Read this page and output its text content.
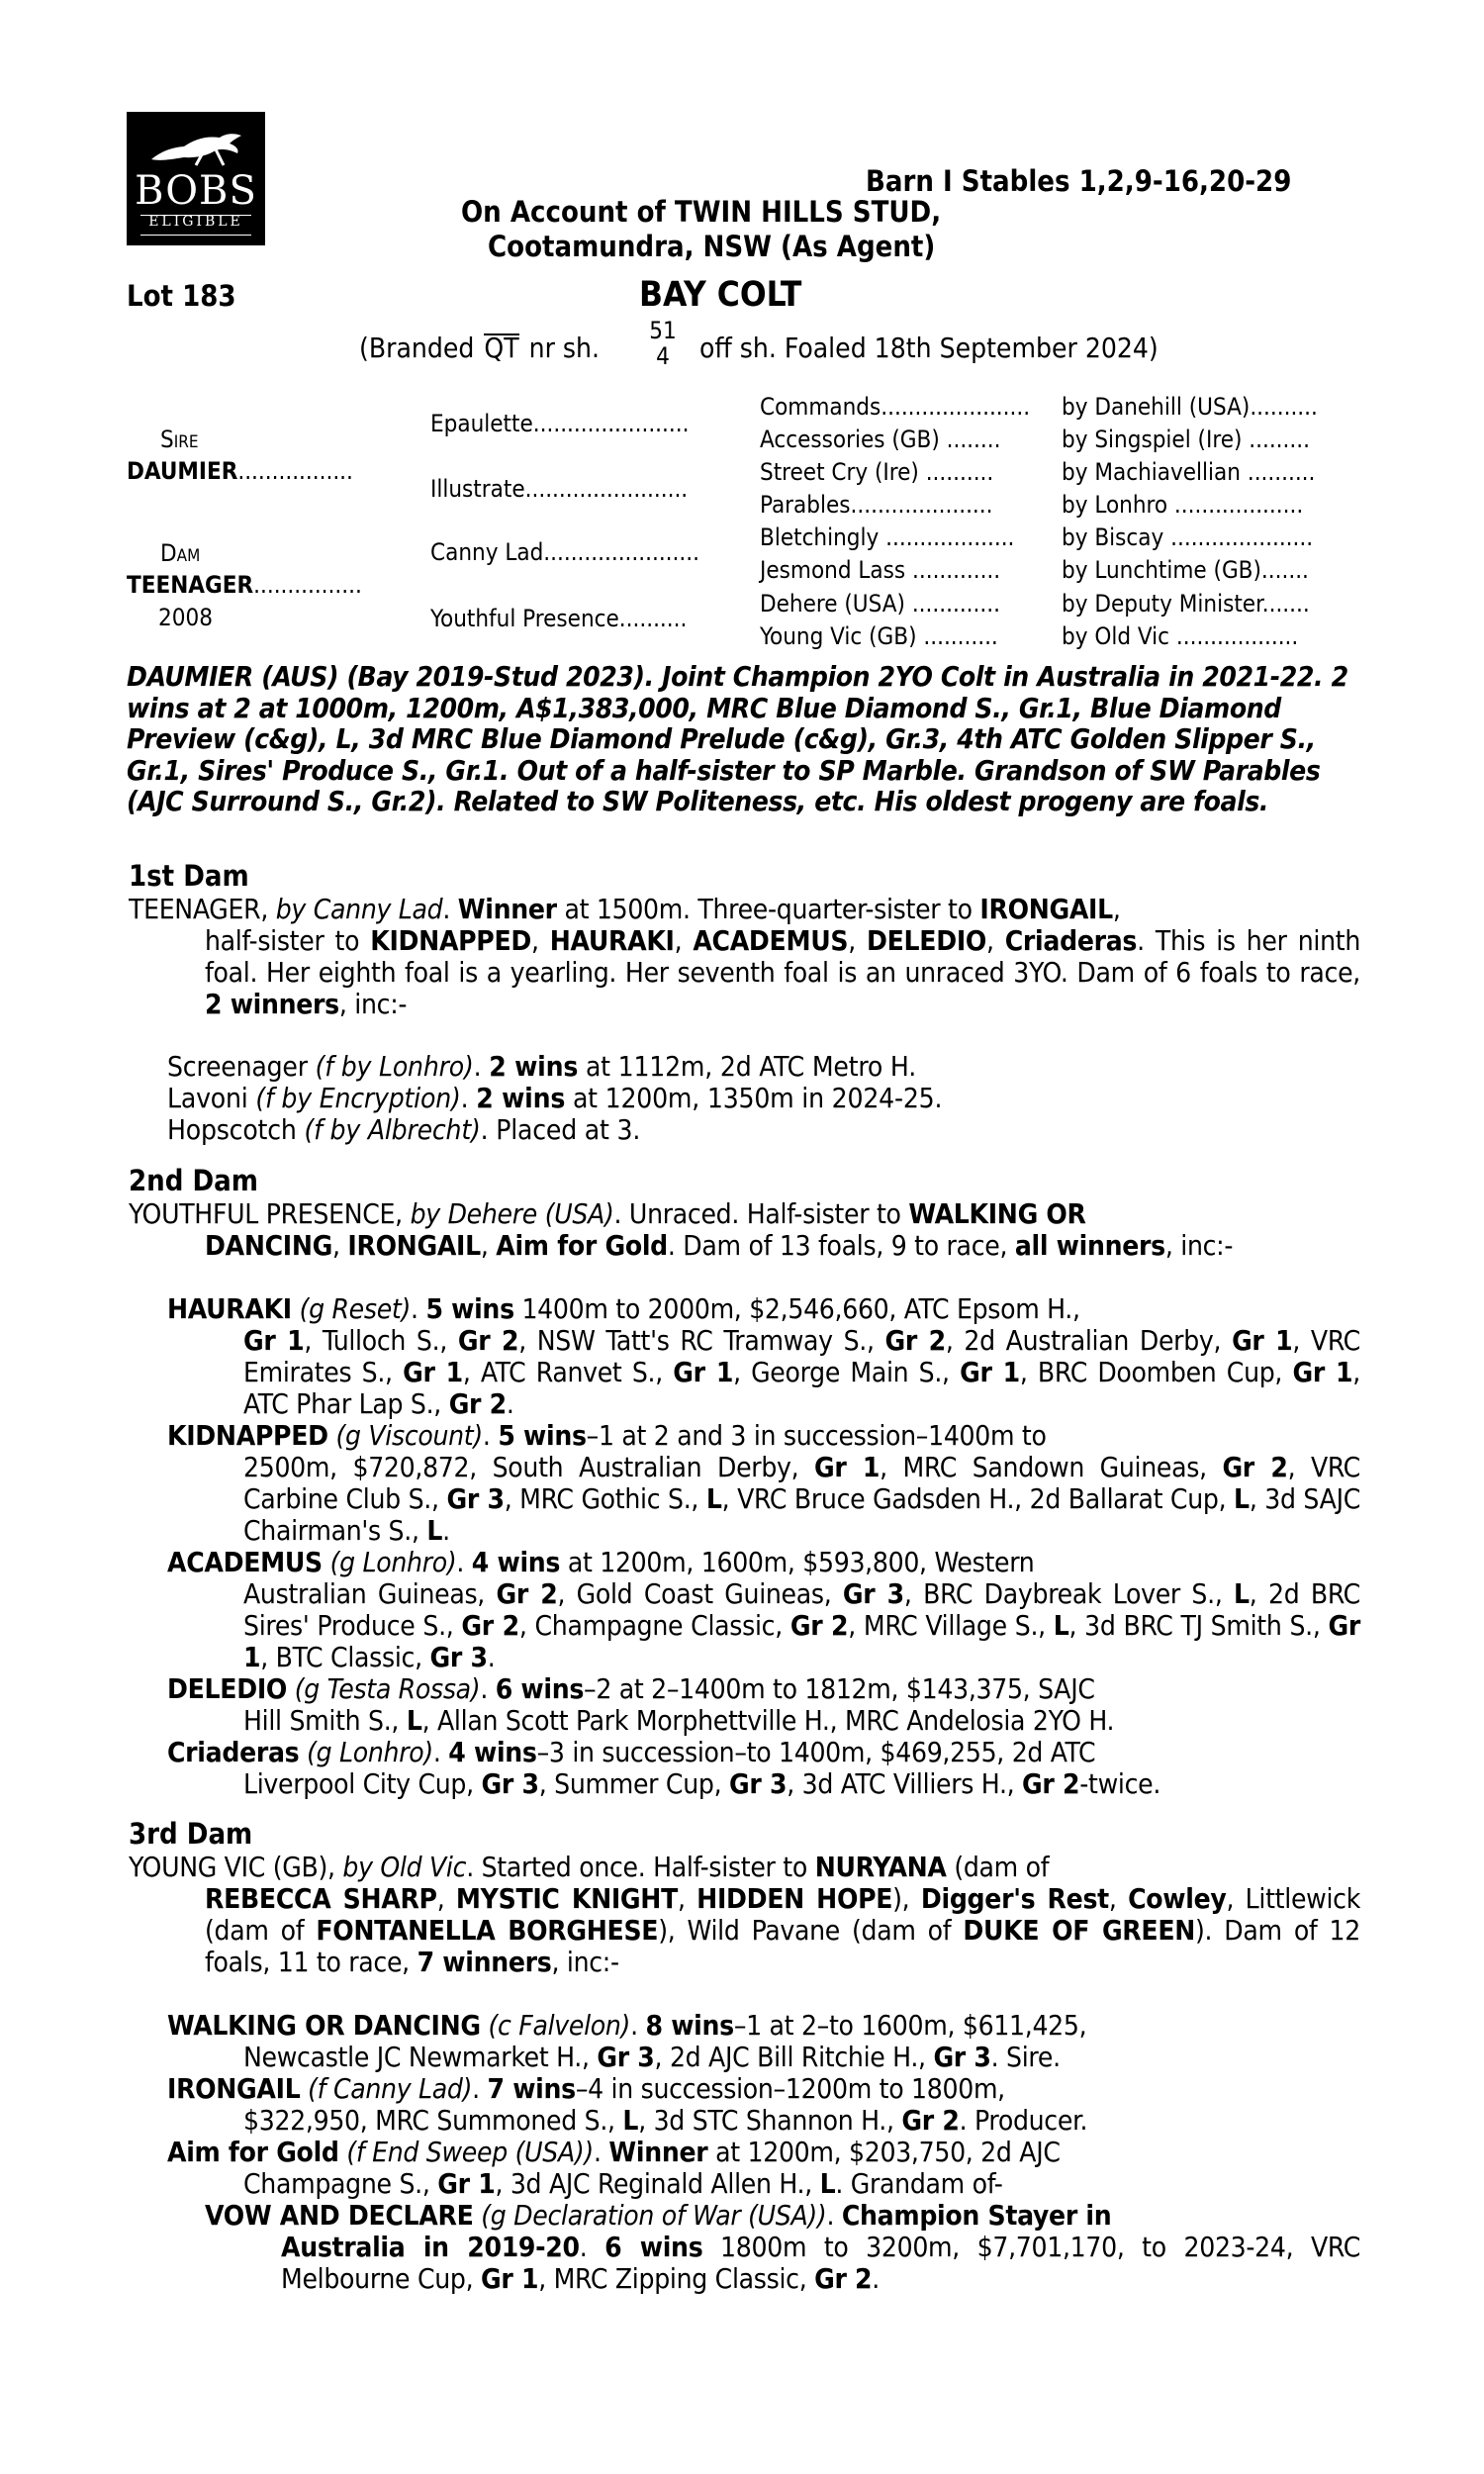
BOBS
ELIGIBLE
Barn I Stables 1,2,9-16,20-29
On Account of TWIN HILLS STUD,
Cootamundra, NSW (As Agent)
Lot 183	BAY COLT
(Branded QT nr sh.
51
4 off sh. Foaled 18th September 2024)
Sire
DAUMIER.................
Dam
TEENAGER................
2008
Epaulette.......................
Illustrate........................
Canny Lad.......................
Youthful Presence..........
Commands......................
Accessories (GB) ........
Street Cry (Ire) ..........
Parables.....................
Bletchingly ...................
Jesmond Lass .............
Dehere (USA) .............
Young Vic (GB) ...........
by Danehill (USA)..........
by Singspiel (Ire) .........
by Machiavellian ..........
by Lonhro ...................
by Biscay .....................
by Lunchtime (GB).......
by Deputy Minister.......
by Old Vic ..................
DAUMIER (AUS) (Bay 2019-Stud 2023). Joint Champion 2YO Colt in Australia in 2021-22. 2 wins at 2 at 1000m, 1200m, A$1,383,000, MRC Blue Diamond S., Gr.1, Blue Diamond Preview (c&g), L, 3d MRC Blue Diamond Prelude (c&g), Gr.3, 4th ATC Golden Slipper S., Gr.1, Sires' Produce S., Gr.1. Out of a half-sister to SP Marble. Grandson of SW Parables (AJC Surround S., Gr.2). Related to SW Politeness, etc. His oldest progeny are foals.
1st Dam
TEENAGER, by Canny Lad. Winner at 1500m. Three-quarter-sister to IRONGAIL,
half-sister to KIDNAPPED, HAURAKI, ACADEMUS, DELEDIO, Criaderas. This is her ninth foal. Her eighth foal is a yearling. Her seventh foal is an unraced 3YO. Dam of 6 foals to race, 2 winners, inc:-
Screenager (f by Lonhro). 2 wins at 1112m, 2d ATC Metro H.
Lavoni (f by Encryption). 2 wins at 1200m, 1350m in 2024-25.
Hopscotch (f by Albrecht). Placed at 3.
2nd Dam
YOUTHFUL PRESENCE, by Dehere (USA). Unraced. Half-sister to WALKING OR
DANCING, IRONGAIL, Aim for Gold. Dam of 13 foals, 9 to race, all winners, inc:-
HAURAKI (g Reset). 5 wins 1400m to 2000m, $2,546,660, ATC Epsom H.,
Gr 1, Tulloch S., Gr 2, NSW Tatt's RC Tramway S., Gr 2, 2d Australian Derby, Gr 1, VRC Emirates S., Gr 1, ATC Ranvet S., Gr 1, George Main S., Gr 1, BRC Doomben Cup, Gr 1, ATC Phar Lap S., Gr 2.
KIDNAPPED (g Viscount). 5 wins–1 at 2 and 3 in succession–1400m to
2500m, $720,872, South Australian Derby, Gr 1, MRC Sandown Guineas, Gr 2, VRC Carbine Club S., Gr 3, MRC Gothic S., L, VRC Bruce Gadsden H., 2d Ballarat Cup, L, 3d SAJC Chairman's S., L.
ACADEMUS (g Lonhro). 4 wins at 1200m, 1600m, $593,800, Western
Australian Guineas, Gr 2, Gold Coast Guineas, Gr 3, BRC Daybreak Lover S., L, 2d BRC Sires' Produce S., Gr 2, Champagne Classic, Gr 2, MRC Village S., L, 3d BRC TJ Smith S., Gr 1, BTC Classic, Gr 3.
DELEDIO (g Testa Rossa). 6 wins–2 at 2–1400m to 1812m, $143,375, SAJC
Hill Smith S., L, Allan Scott Park Morphettville H., MRC Andelosia 2YO H.
Criaderas (g Lonhro). 4 wins–3 in succession–to 1400m, $469,255, 2d ATC
Liverpool City Cup, Gr 3, Summer Cup, Gr 3, 3d ATC Villiers H., Gr 2-twice.
3rd Dam
YOUNG VIC (GB), by Old Vic. Started once. Half-sister to NURYANA (dam of
REBECCA SHARP, MYSTIC KNIGHT, HIDDEN HOPE), Digger's Rest, Cowley, Littlewick (dam of FONTANELLA BORGHESE), Wild Pavane (dam of DUKE OF GREEN). Dam of 12 foals, 11 to race, 7 winners, inc:-
WALKING OR DANCING (c Falvelon). 8 wins–1 at 2–to 1600m, $611,425,
Newcastle JC Newmarket H., Gr 3, 2d AJC Bill Ritchie H., Gr 3. Sire.
IRONGAIL (f Canny Lad). 7 wins–4 in succession–1200m to 1800m,
$322,950, MRC Summoned S., L, 3d STC Shannon H., Gr 2. Producer.
Aim for Gold (f End Sweep (USA)). Winner at 1200m, $203,750, 2d AJC
Champagne S., Gr 1, 3d AJC Reginald Allen H., L. Grandam of-
VOW AND DECLARE (g Declaration of War (USA)). Champion Stayer in
Australia in 2019-20. 6 wins 1800m to 3200m, $7,701,170, to 2023-24, VRC Melbourne Cup, Gr 1, MRC Zipping Classic, Gr 2.
